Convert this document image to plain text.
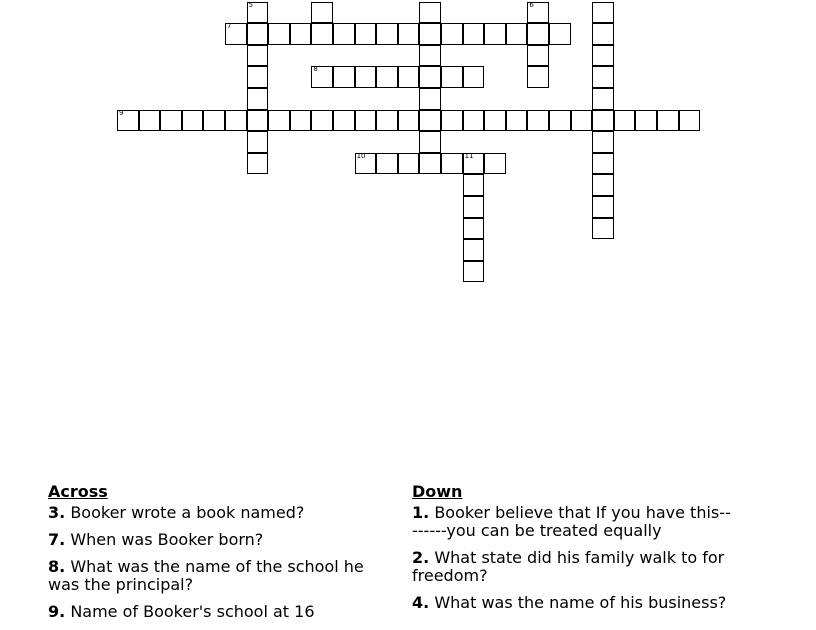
5	6
7
8
9
10	11
Across
3. Booker wrote a book named?
7. When was Booker born?
8. What was the name of the school he was the principal?
9. Name of Booker's school at 16
Down
1. Booker believe that If you have this--------you can be treated equally
2. What state did his family walk to for freedom?
4. What was the name of his business?
